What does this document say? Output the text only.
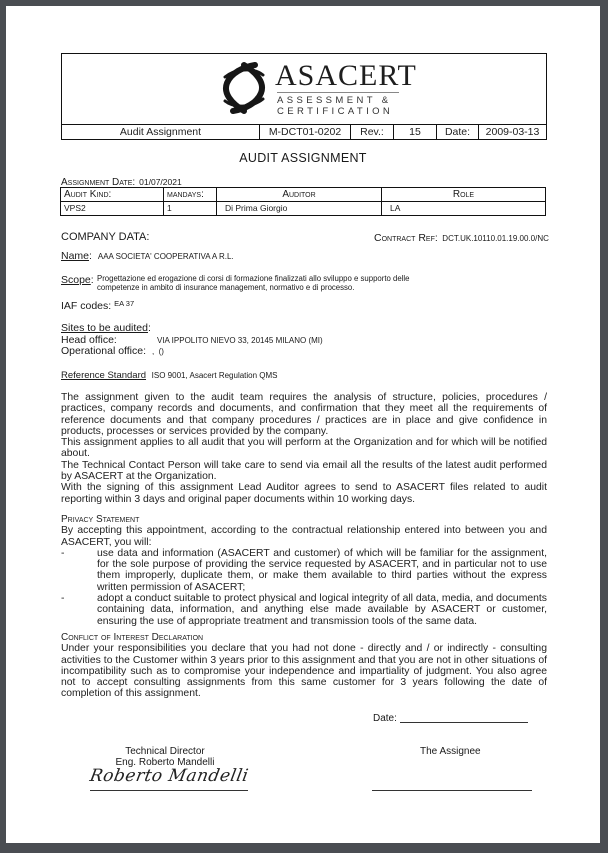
ASACERT
ASSESSMENT &
CERTIFICATION
Audit Assignment	M-DCT01-0202	Rev.:	15	Date:	2009-03-13
AUDIT ASSIGNMENT
Assignment Date: 01/07/2021
Audit Kind:	mandays:	Auditor	Role
VPS2	1	Di Prima Giorgio	LA
COMPANY DATA:	Contract Ref: DCT.UK.10110.01.19.00.0/NC
Name: AAA SOCIETA' COOPERATIVA A R.L.
Scope: Progettazione ed erogazione di corsi di formazione finalizzati allo sviluppo e supporto delle
competenze in ambito di insurance management, normativo e di processo.
IAF codes: $^{EA 37}$
Sites to be audited:
Head office:	VIA IPPOLITO NIEVO 33, 20145 MILANO (MI)
Operational office: ,  ()
Reference Standard ISO 9001, Asacert Regulation QMS
The assignment given to the audit team requires the analysis of structure, policies, procedures / practices, company records and documents, and confirmation that they meet all the requirements of reference documents and that company procedures / practices are in place and give confidence in products, processes or services provided by the company.
This assignment applies to all audit that you will perform at the Organization and for which will be notified about.
The Technical Contact Person will take care to send via email all the results of the latest audit performed by ASACERT at the Organization.
With the signing of this assignment Lead Auditor agrees to send to ASACERT files related to audit reporting within 3 days and original paper documents within 10 working days.
Privacy Statement
By accepting this appointment, according to the contractual relationship entered into between you and ASACERT, you will:
-	use data and information (ASACERT and customer) of which will be familiar for the assignment, for the sole purpose of providing the service requested by ASACERT, and in particular not to use them improperly, duplicate them, or make them available to third parties without the express written permission of ASACERT;
-	adopt a conduct suitable to protect physical and logical integrity of all data, media, and documents containing data, information, and anything else made available by ASACERT or customer, ensuring the use of appropriate treatment and transmission tools of the same data.
Conflict of Interest Declaration
Under your responsibilities you declare that you had not done - directly and / or indirectly - consulting activities to the Customer within 3 years prior to this assignment and that you are not in other situations of incompatibility such as to compromise your independence and impartiality of judgment. You also agree not to accept consulting assignments from this same customer for 3 years following the date of completion of this assignment.
Date:
Technical Director
Eng. Roberto Mandelli
Roberto Mandelli
The Assignee
